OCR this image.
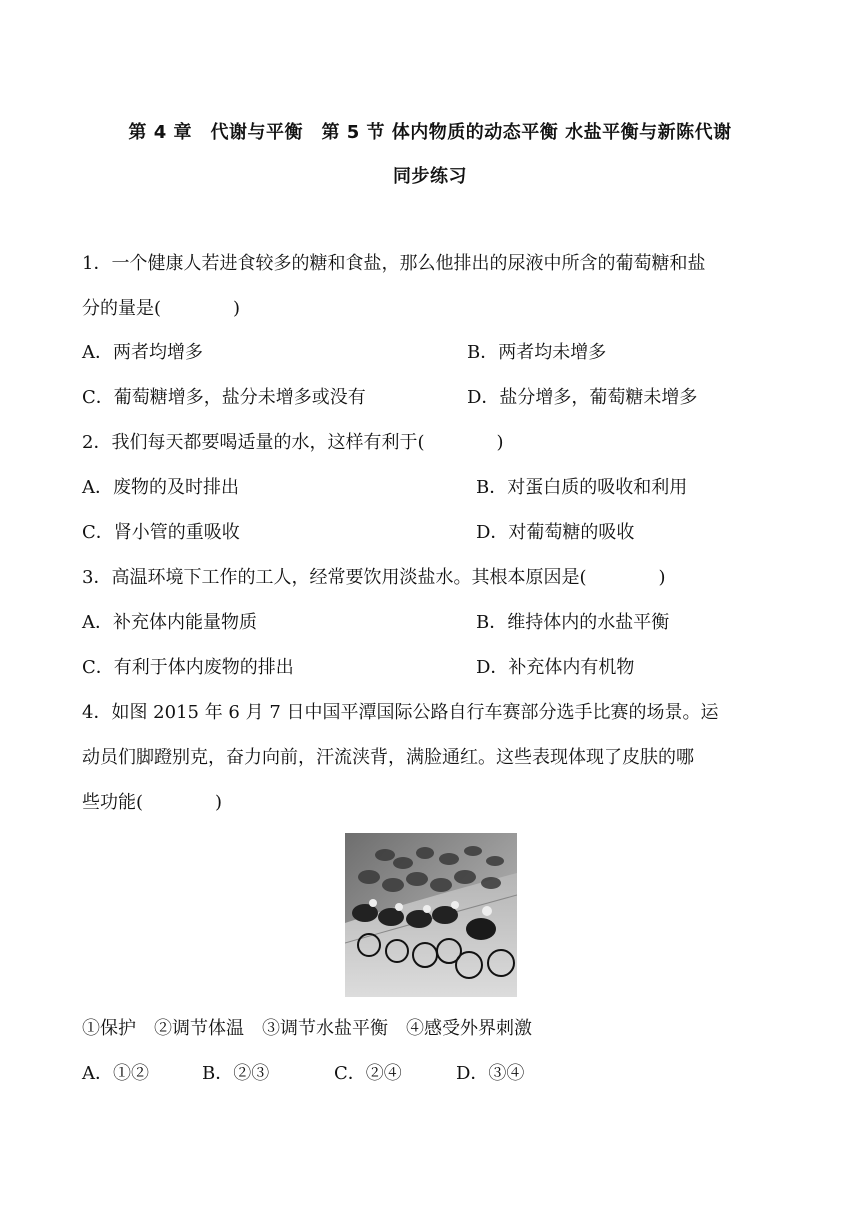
第 4 章　代谢与平衡　第 5 节 体内物质的动态平衡 水盐平衡与新陈代谢
同步练习
1．一个健康人若进食较多的糖和食盐，那么他排出的尿液中所含的葡萄糖和盐
分的量是(　　　　)
A．两者均增多	B．两者均未增多
C．葡萄糖增多，盐分未增多或没有	D．盐分增多，葡萄糖未增多
2．我们每天都要喝适量的水，这样有利于(　　　　)
A．废物的及时排出	B．对蛋白质的吸收和利用
C．肾小管的重吸收	D．对葡萄糖的吸收
3．高温环境下工作的工人，经常要饮用淡盐水。其根本原因是(　　　　)
A．补充体内能量物质	B．维持体内的水盐平衡
C．有利于体内废物的排出	D．补充体内有机物
4．如图 2015 年 6 月 7 日中国平潭国际公路自行车赛部分选手比赛的场景。运
动员们脚蹬别克，奋力向前，汗流浃背，满脸通红。这些表现体现了皮肤的哪
些功能(　　　　)
①保护　②调节体温　③调节水盐平衡　④感受外界刺激
A．①②	B．②③	C．②④	D．③④
